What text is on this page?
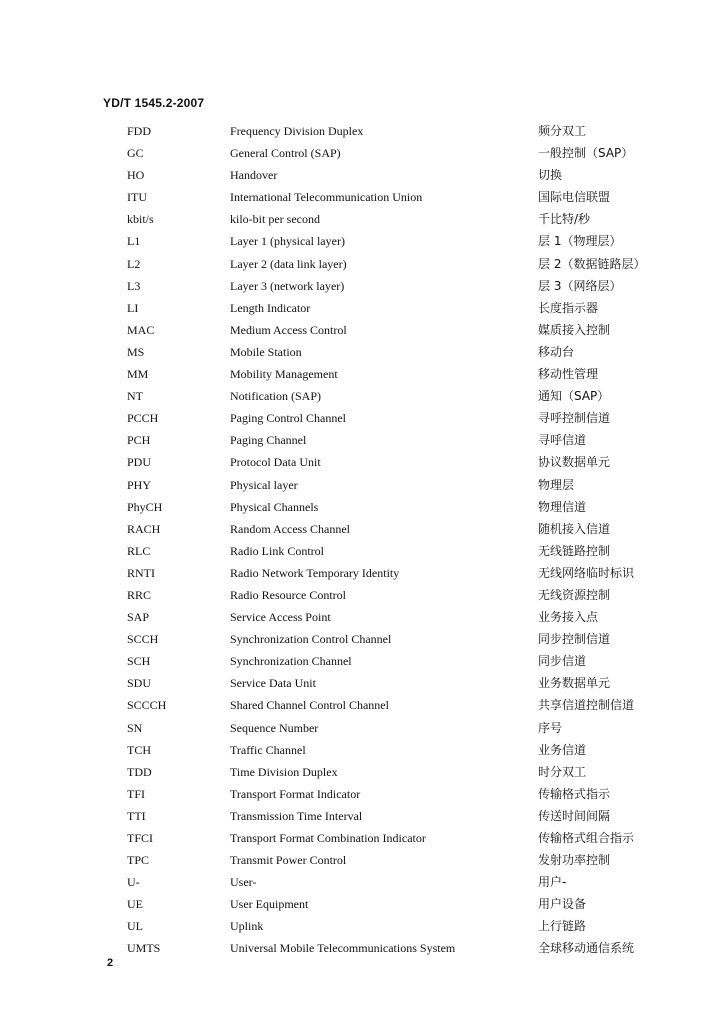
YD/T 1545.2-2007
FDD	Frequency Division Duplex	频分双工
GC	General Control (SAP)	一般控制（SAP）
HO	Handover	切换
ITU	International Telecommunication Union	国际电信联盟
kbit/s	kilo-bit per second	千比特/秒
L1	Layer 1 (physical layer)	层 1（物理层）
L2	Layer 2 (data link layer)	层 2（数据链路层）
L3	Layer 3 (network layer)	层 3（网络层）
LI	Length Indicator	长度指示器
MAC	Medium Access Control	媒质接入控制
MS	Mobile Station	移动台
MM	Mobility Management	移动性管理
NT	Notification (SAP)	通知（SAP）
PCCH	Paging Control Channel	寻呼控制信道
PCH	Paging Channel	寻呼信道
PDU	Protocol Data Unit	协议数据单元
PHY	Physical layer	物理层
PhyCH	Physical Channels	物理信道
RACH	Random Access Channel	随机接入信道
RLC	Radio Link Control	无线链路控制
RNTI	Radio Network Temporary Identity	无线网络临时标识
RRC	Radio Resource Control	无线资源控制
SAP	Service Access Point	业务接入点
SCCH	Synchronization Control Channel	同步控制信道
SCH	Synchronization Channel	同步信道
SDU	Service Data Unit	业务数据单元
SCCCH	Shared Channel Control Channel	共享信道控制信道
SN	Sequence Number	序号
TCH	Traffic Channel	业务信道
TDD	Time Division Duplex	时分双工
TFI	Transport Format Indicator	传输格式指示
TTI	Transmission Time Interval	传送时间间隔
TFCI	Transport Format Combination Indicator	传输格式组合指示
TPC	Transmit Power Control	发射功率控制
U-	User-	用户-
UE	User Equipment	用户设备
UL	Uplink	上行链路
UMTS	Universal Mobile Telecommunications System	全球移动通信系统
2
